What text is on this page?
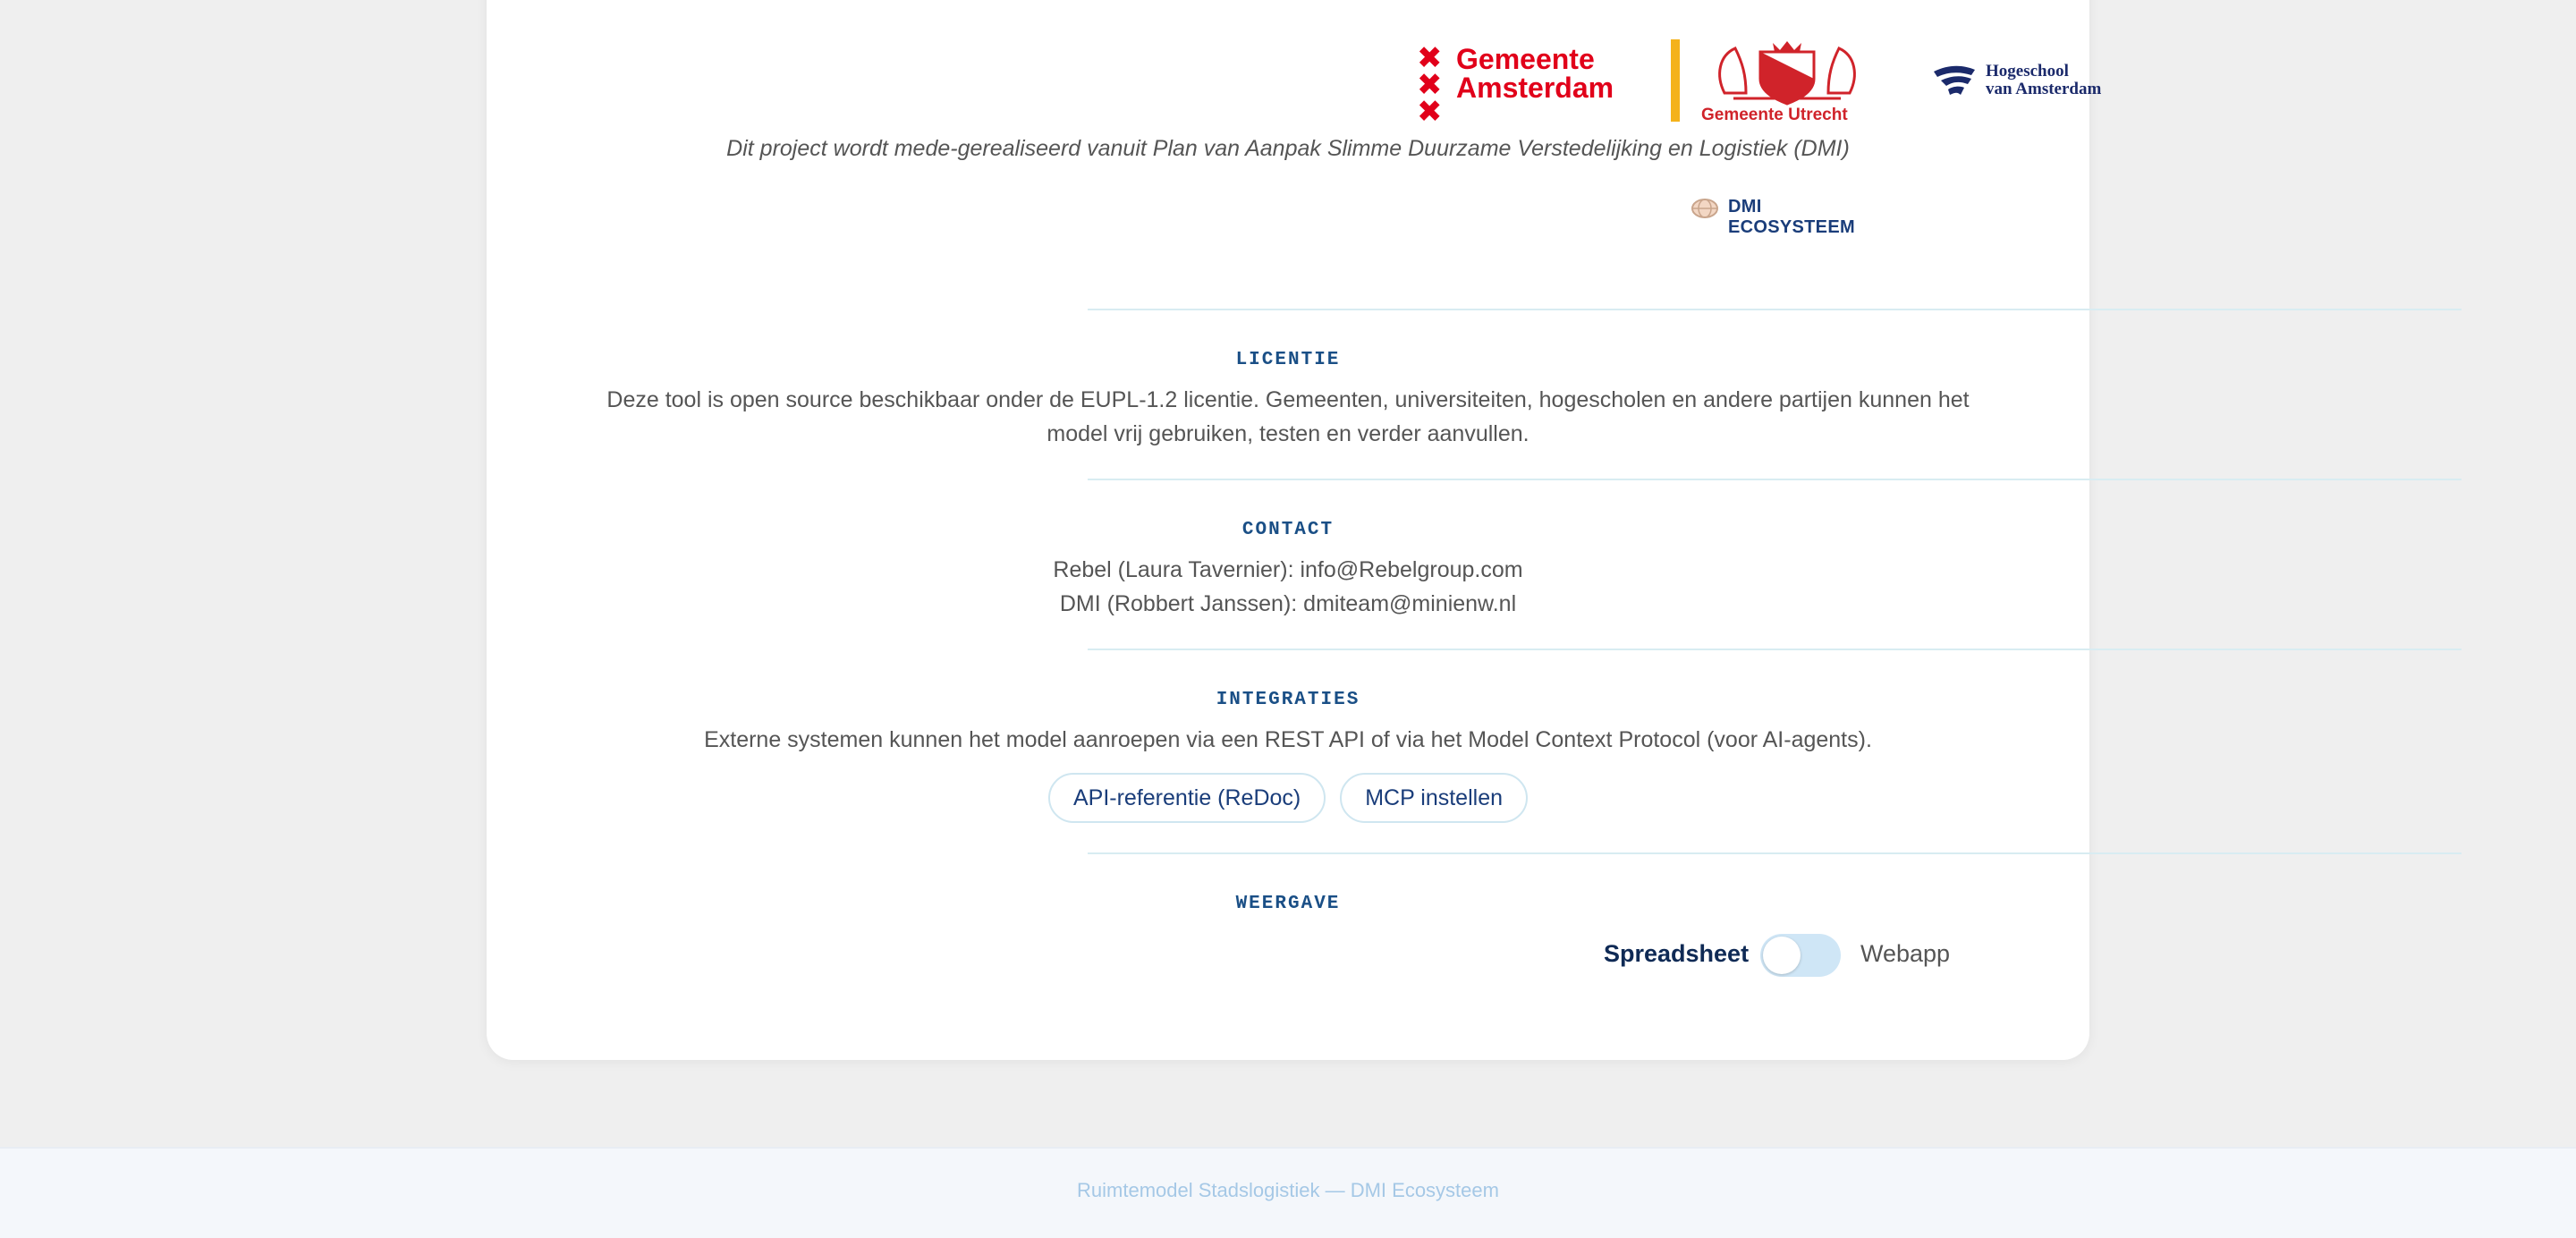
✖
✖
✖
Gemeente
Amsterdam
Gemeente Utrecht
Hogeschool
van Amsterdam
Dit project wordt mede-gerealiseerd vanuit Plan van Aanpak Slimme Duurzame Verstedelijking en Logistiek (DMI)
DMI ECOSYSTEEM
LICENTIE
Deze tool is open source beschikbaar onder de EUPL-1.2 licentie. Gemeenten, universiteiten, hogescholen en andere partijen kunnen het
model vrij gebruiken, testen en verder aanvullen.
CONTACT
Rebel (Laura Tavernier): info@Rebelgroup.com
DMI (Robbert Janssen): dmiteam@minienw.nl
INTEGRATIES
Externe systemen kunnen het model aanroepen via een REST API of via het Model Context Protocol (voor AI-agents).
API-referentie (ReDoc)	MCP instellen
WEERGAVE
Spreadsheet	Webapp
Ruimtemodel Stadslogistiek — DMI Ecosysteem
